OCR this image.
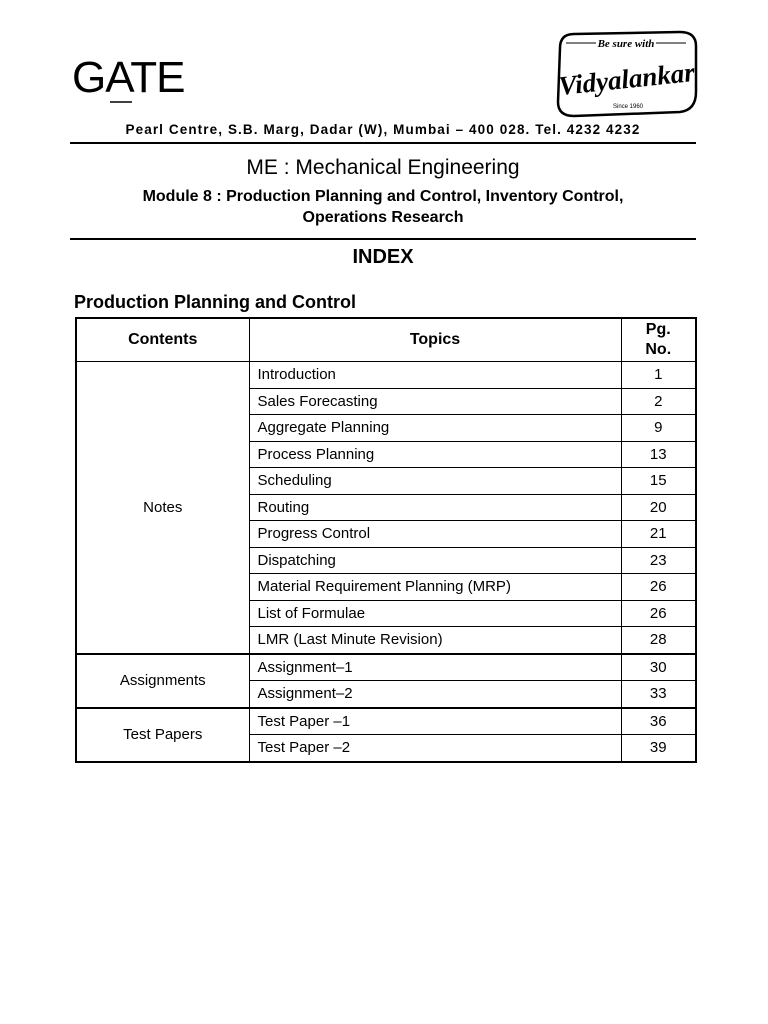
GATE
Be sure with
Vidyalankar
Since 1960
Pearl Centre, S.B. Marg, Dadar (W), Mumbai – 400 028. Tel. 4232 4232
ME : Mechanical Engineering
Module 8 : Production Planning and Control, Inventory Control,
Operations Research
INDEX
Production Planning and Control
Contents	Topics	Pg.
No.

Notes	Introduction	1
	Sales Forecasting	2
	Aggregate Planning	9
	Process Planning	13
	Scheduling	15
	Routing	20
	Progress Control	21
	Dispatching	23
	Material Requirement Planning (MRP)	26
	List of Formulae	26
	LMR (Last Minute Revision)	28
Assignments	Assignment–1	30
	Assignment–2	33
Test Papers	Test Paper –1	36
	Test Paper –2	39
